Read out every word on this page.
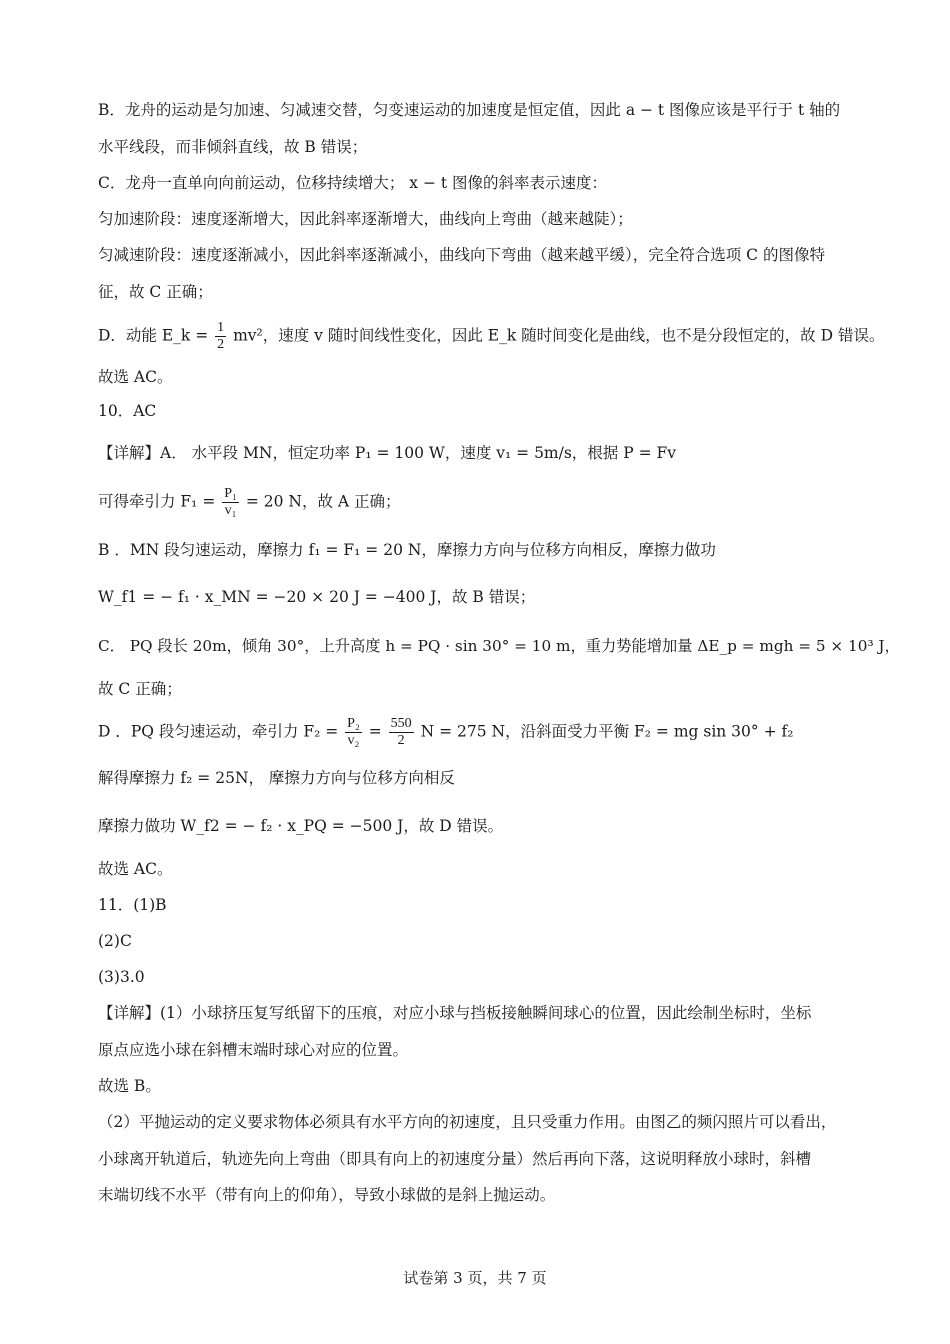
B．龙舟的运动是匀加速、匀减速交替，匀变速运动的加速度是恒定值，因此 a − t 图像应该是平行于 t 轴的
水平线段，而非倾斜直线，故 B 错误；
C．龙舟一直单向向前运动，位移持续增大； x − t 图像的斜率表示速度：
匀加速阶段：速度逐渐增大，因此斜率逐渐增大，曲线向上弯曲（越来越陡）；
匀减速阶段：速度逐渐减小，因此斜率逐渐减小，曲线向下弯曲（越来越平缓），完全符合选项 C 的图像特
征，故 C 正确；
D．动能 E_k = $\frac{1}{2} mv^2$，速度 v 随时间线性变化，因此 E_k 随时间变化是曲线，也不是分段恒定的，故 D 错误。
故选 AC。
10．AC
【详解】A． 水平段 MN，恒定功率 P₁ = 100 W，速度 v₁ = 5m/s，根据 P = Fv
可得牵引力 $F_1 = \frac{\text{P₁}}{\text{v₁}} = 20$ N，故 A 正确；
B ．MN 段匀速运动，摩擦力 f₁ = F₁ = 20 N，摩擦力方向与位移方向相反，摩擦力做功
W_f1 = − f₁ · x_MN = −20 × 20 J = −400 J，故 B 错误；
C． PQ 段长 20m，倾角 30°，上升高度 h = PQ · sin 30° = 10 m，重力势能增加量 ΔE_p = mgh = 5 × 10³ J，
故 C 正确；
D ．PQ 段匀速运动，牵引力 $F_2 = \frac{\text{P₂}}{\text{v₂}} = \frac{550}{2}$ N = 275 N，沿斜面受力平衡 F₂ = mg sin 30° + f₂
解得摩擦力 f₂ = 25N， 摩擦力方向与位移方向相反
摩擦力做功 W_f2 = − f₂ · x_PQ = −500 J，故 D 错误。
故选 AC。
11．(1)B
(2)C
(3)3.0
【详解】(1）小球挤压复写纸留下的压痕，对应小球与挡板接触瞬间球心的位置，因此绘制坐标时，坐标
原点应选小球在斜槽末端时球心对应的位置。
故选 B。
（2）平抛运动的定义要求物体必须具有水平方向的初速度，且只受重力作用。由图乙的频闪照片可以看出，
小球离开轨道后，轨迹先向上弯曲（即具有向上的初速度分量）然后再向下落，这说明释放小球时，斜槽
末端切线不水平（带有向上的仰角），导致小球做的是斜上抛运动。
试卷第 3 页，共 7 页
